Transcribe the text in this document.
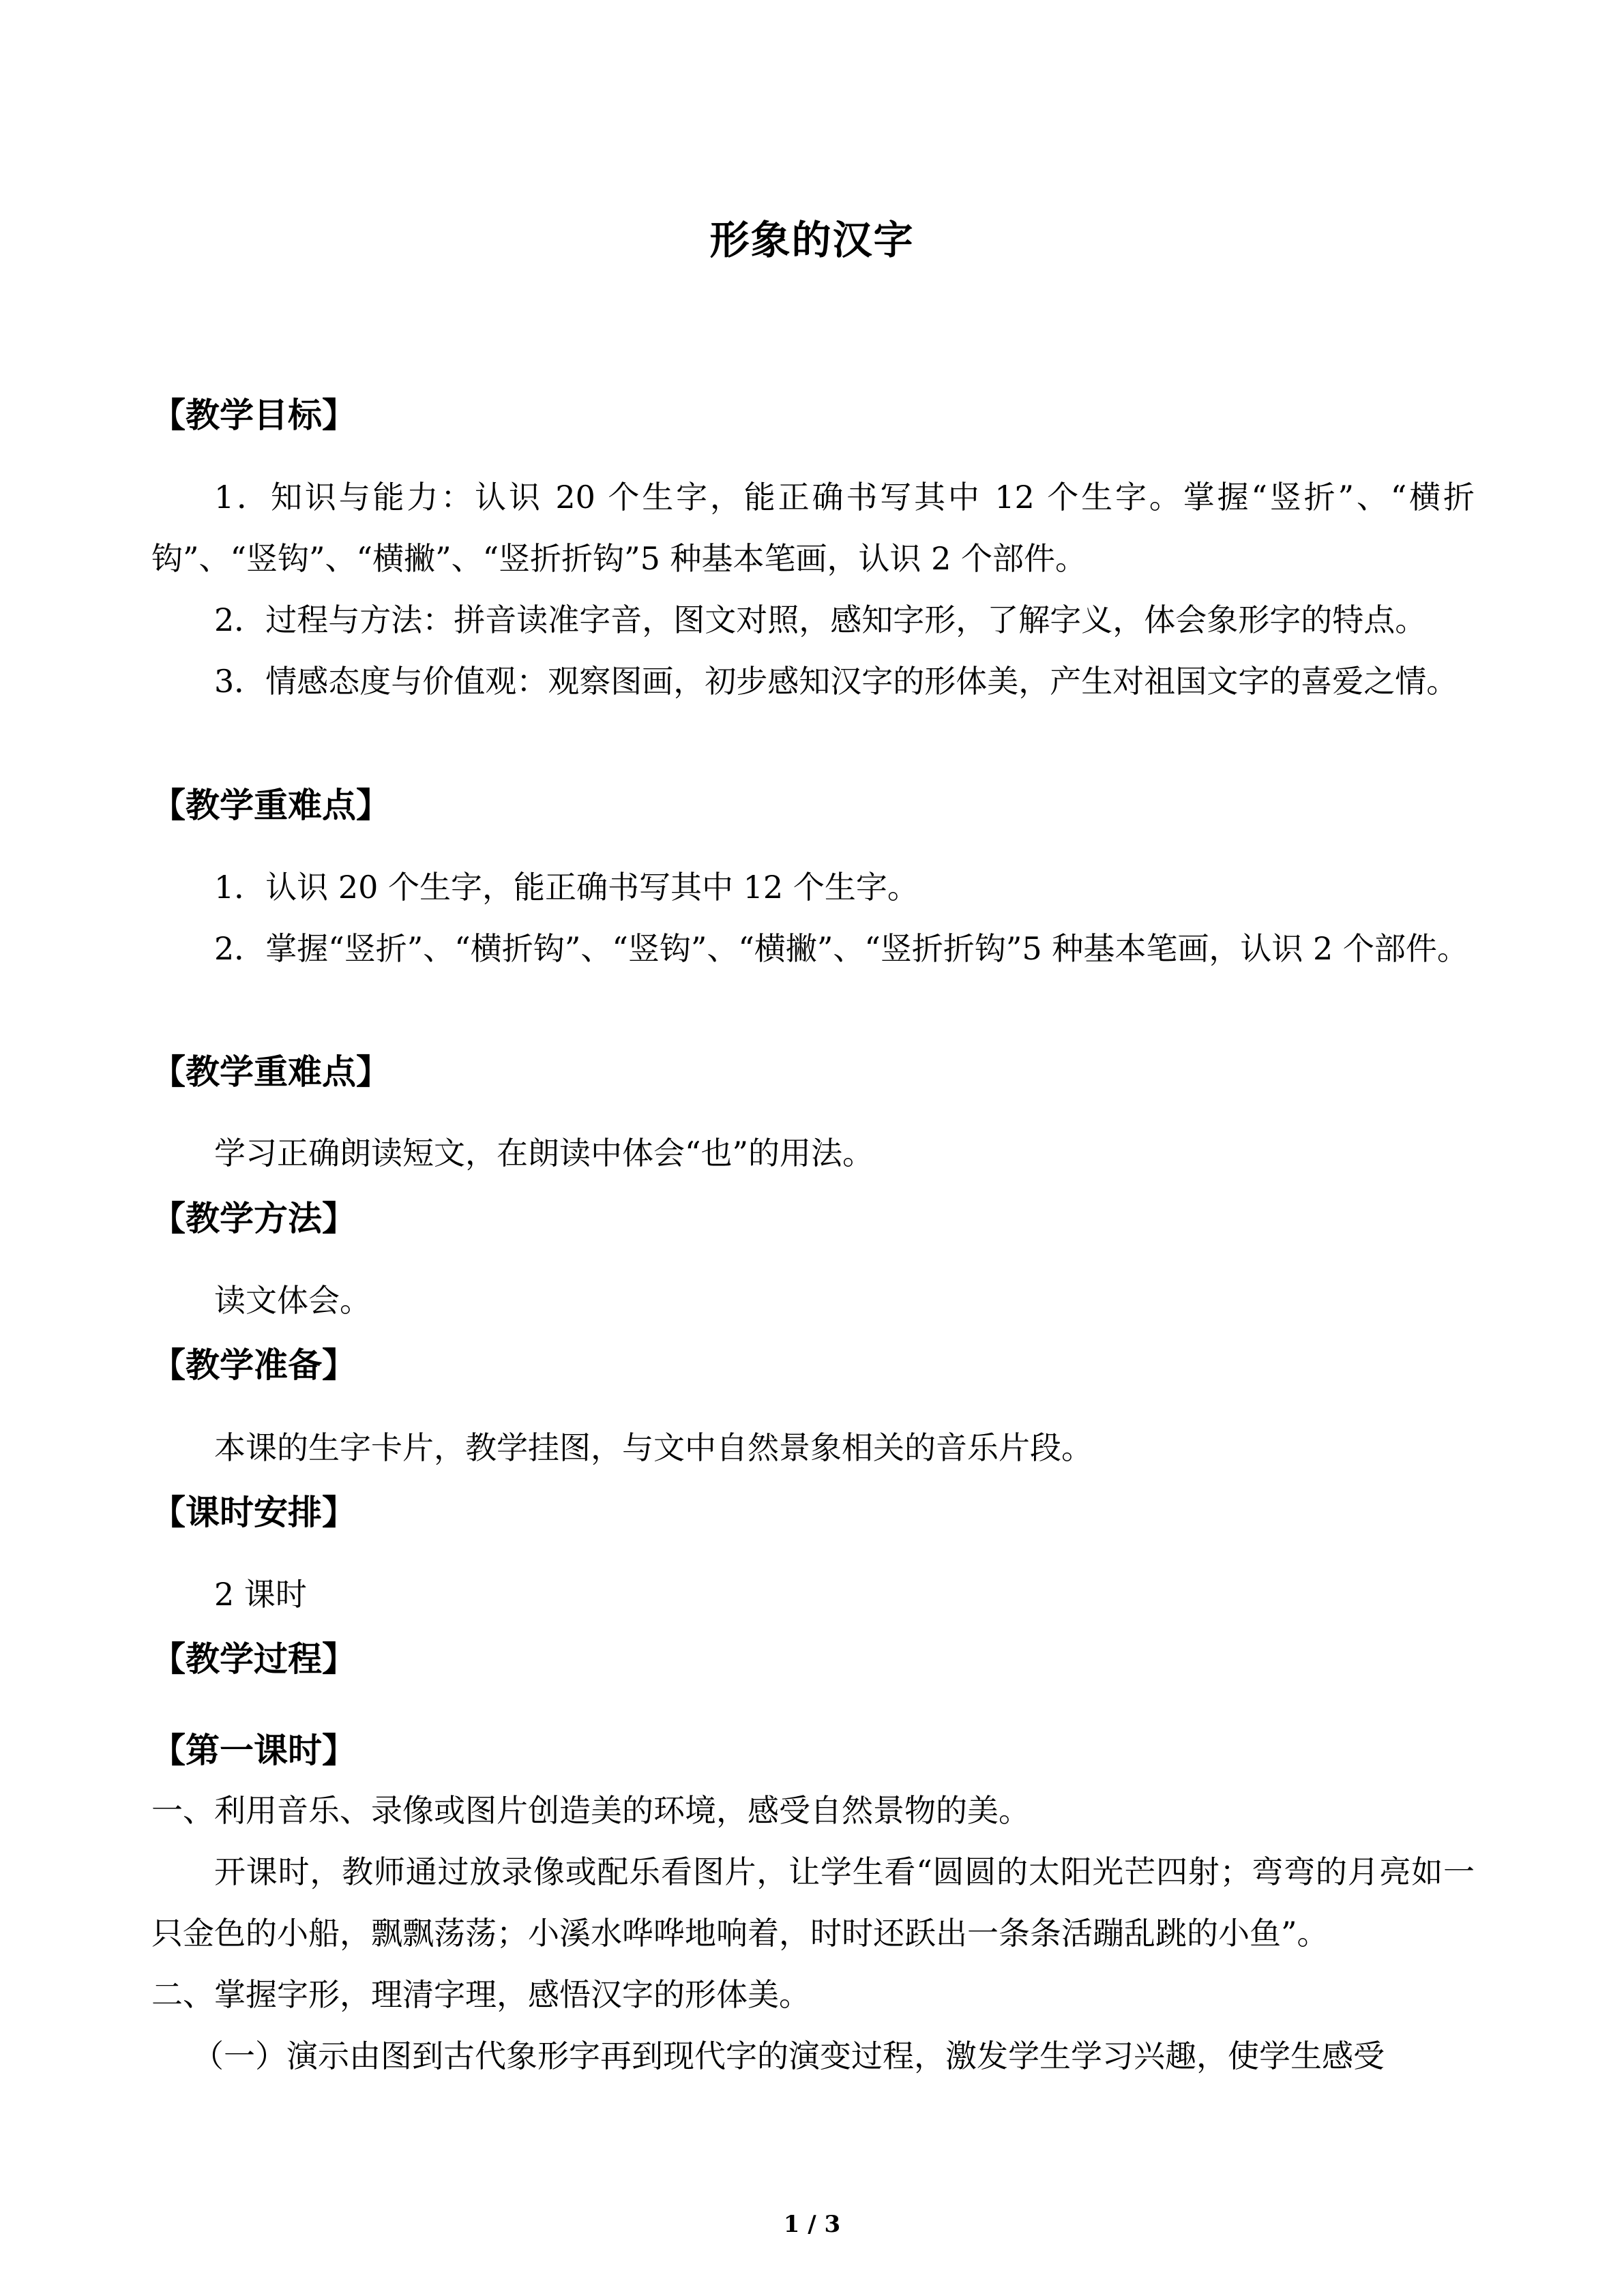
形象的汉字
【教学目标】
1．知识与能力：认识 20 个生字，能正确书写其中 12 个生字。掌握“竖折”、“横折钩”、“竖钩”、“横撇”、“竖折折钩”5 种基本笔画，认识 2 个部件。
2．过程与方法：拼音读准字音，图文对照，感知字形，了解字义，体会象形字的特点。
3．情感态度与价值观：观察图画，初步感知汉字的形体美，产生对祖国文字的喜爱之情。
【教学重难点】
1．认识 20 个生字，能正确书写其中 12 个生字。
2．掌握“竖折”、“横折钩”、“竖钩”、“横撇”、“竖折折钩”5 种基本笔画，认识 2 个部件。
【教学重难点】
学习正确朗读短文，在朗读中体会“也”的用法。
【教学方法】
读文体会。
【教学准备】
本课的生字卡片，教学挂图，与文中自然景象相关的音乐片段。
【课时安排】
2 课时
【教学过程】
【第一课时】
一、利用音乐、录像或图片创造美的环境，感受自然景物的美。
开课时，教师通过放录像或配乐看图片，让学生看“圆圆的太阳光芒四射；弯弯的月亮如一只金色的小船，飘飘荡荡；小溪水哗哗地响着，时时还跃出一条条活蹦乱跳的小鱼”。
二、掌握字形，理清字理，感悟汉字的形体美。
（一）演示由图到古代象形字再到现代字的演变过程，激发学生学习兴趣，使学生感受
1 / 3
